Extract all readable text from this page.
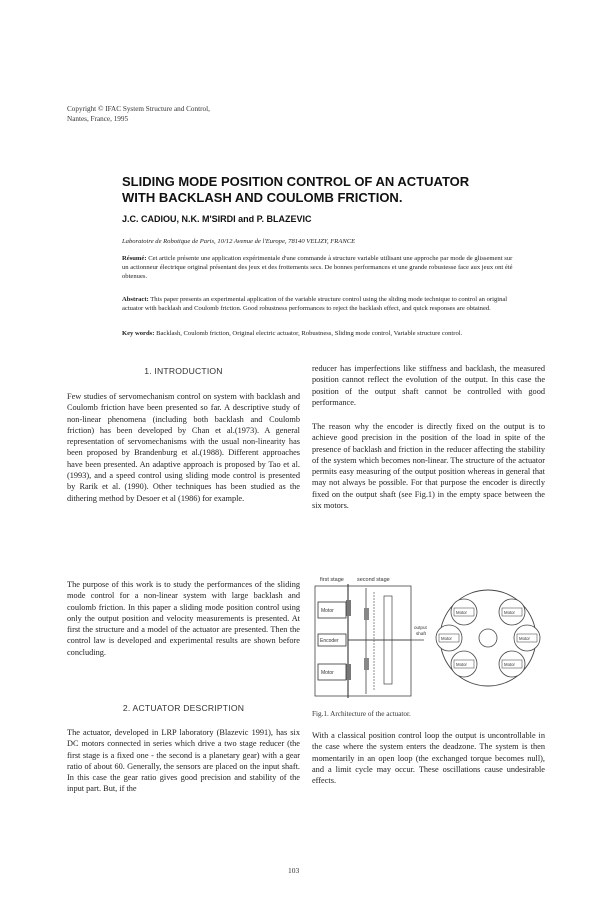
Copyright © IFAC System Structure and Control,
Nantes, France, 1995
SLIDING MODE POSITION CONTROL OF AN ACTUATOR
WITH BACKLASH AND COULOMB FRICTION.
J.C. CADIOU, N.K. M'SIRDI and P. BLAZEVIC
Laboratoire de Robotique de Paris, 10/12 Avenue de l'Europe, 78140 VELIZY, FRANCE
Résumé: Cet article présente une application expérimentale d'une commande à structure variable utilisant une approche par mode de glissement sur un actionneur électrique original présentant des jeux et des frottements secs. De bonnes performances et une grande robustesse face aux jeux ont été obtenues.
Abstract: This paper presents an experimental application of the variable structure control using the sliding mode technique to control an original actuator with backlash and Coulomb friction. Good robustness performances to reject the backlash effect, and quick responses are obtained.
Key words: Backlash, Coulomb friction, Original electric actuator, Robustness, Sliding mode control, Variable structure control.
1. INTRODUCTION
Few studies of servomechanism control on system with backlash and Coulomb friction have been presented so far. A descriptive study of non-linear phenomena (including both backlash and Coulomb friction) has been developed by Chan et al.(1973). A general representation of servomechanisms with the usual non-linearity has been proposed by Brandenburg et al.(1988). Different approaches have been presented. An adaptive approach is proposed by Tao et al. (1993), and a speed control using sliding mode control is presented by Rarik et al. (1990). Other techniques has been studied as the dithering method by Desoer et al (1986) for example.
The purpose of this work is to study the performances of the sliding mode control for a non-linear system with large backlash and coulomb friction. In this paper a sliding mode position control using only the output position and velocity measurements is presented. At first the structure and a model of the actuator are presented. Then the control law is developed and experimental results are shown before concluding.
2. ACTUATOR DESCRIPTION
The actuator, developed in LRP laboratory (Blazevic 1991), has six DC motors connected in series which drive a two stage reducer (the first stage is a fixed one - the second is a planetary gear) with a gear ratio of about 60. Generally, the sensors are placed on the input shaft. In this case the gear ratio gives good precision and stability of the input part. But, if the
reducer has imperfections like stiffness and backlash, the measured position cannot reflect the evolution of the output. In this case the position of the output shaft cannot be controlled with good performance.
The reason why the encoder is directly fixed on the output is to achieve good precision in the position of the load in spite of the presence of backlash and friction in the reducer affecting the stability of the system which becomes non-linear. The structure of the actuator permits easy measuring of the output position whereas in general that may not always be possible. For that purpose the encoder is directly fixed on the output shaft (see Fig.1) in the empty space between the six motors.
first stage second stage
Motor
Encoder
Motor
output
shaft
Motor
Motor
Motor
Motor
Motor
Motor
Fig.1. Architecture of the actuator.
With a classical position control loop the output is uncontrollable in the case where the system enters the deadzone. The system is then momentarily in an open loop (the exchanged torque becomes null), and a limit cycle may occur. These oscillations cause undesirable effects.
103
